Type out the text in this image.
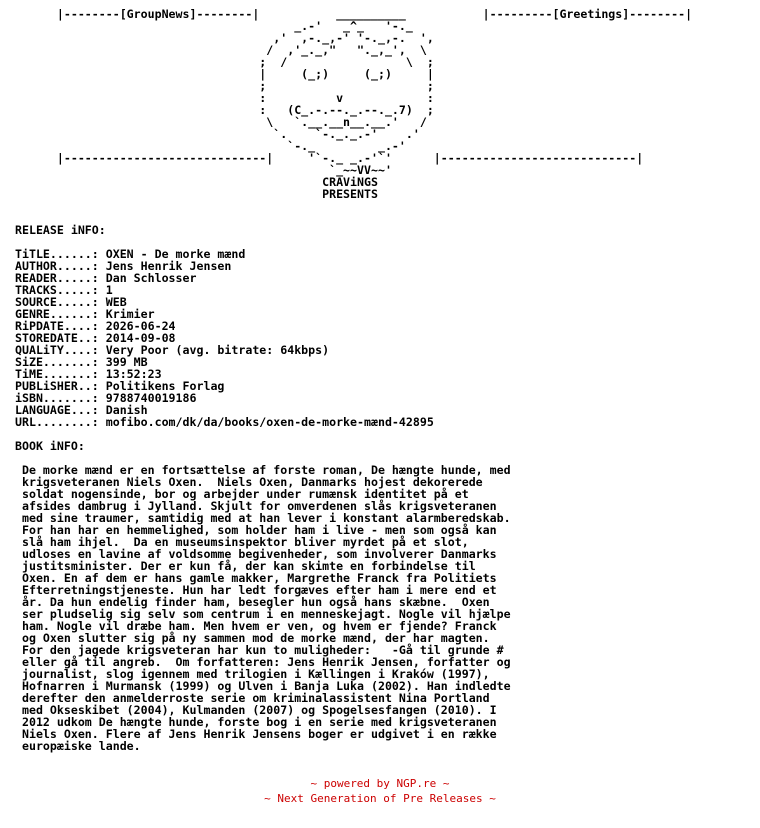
|--------[GroupNews]--------|           __________           |---------[Greetings]--------|
_.-'   _^_   '-._
,'  ,-._,-' '-._,-.  ',
/  ,'_._,"   "._,_',  \
;  /                 \  ;
|     (_;)     (_;)     |
;                       ;
:          v            :
:   (C_.-.--._.--._.7)  ;
\   `.__.__n__.__.'   /
`.    `-._._.-'    .'
`-._         _.-'
|-----------------------------|     '`-._ _.-'`'      |----------------------------|
`_~~VV~~'
CRAViNGS
PRESENTS

RELEASE iNFO:

TiTLE......: OXEN - De morke mænd
AUTHOR.....: Jens Henrik Jensen
READER.....: Dan Schlosser
TRACKS.....: 1
SOURCE.....: WEB
GENRE......: Krimier
RiPDATE....: 2026-06-24
STOREDATE..: 2014-09-08
QUALiTY....: Very Poor (avg. bitrate: 64kbps)
SiZE.......: 399 MB
TiME.......: 13:52:23
PUBLiSHER..: Politikens Forlag
iSBN.......: 9788740019186
LANGUAGE...: Danish
URL........: mofibo.com/dk/da/books/oxen-de-morke-mænd-42895

BOOK iNFO:

De morke mænd er en fortsættelse af forste roman, De hængte hunde, med
krigsveteranen Niels Oxen.  Niels Oxen, Danmarks hojest dekorerede
soldat nogensinde, bor og arbejder under rumænsk identitet på et
afsides dambrug i Jylland. Skjult for omverdenen slås krigsveteranen
med sine traumer, samtidig med at han lever i konstant alarmberedskab.
For han har en hemmelighed, som holder ham i live - men som også kan
slå ham ihjel.  Da en museumsinspektor bliver myrdet på et slot,
udloses en lavine af voldsomme begivenheder, som involverer Danmarks
justitsminister. Der er kun få, der kan skimte en forbindelse til
Oxen. En af dem er hans gamle makker, Margrethe Franck fra Politiets
Efterretningstjeneste. Hun har ledt forgæves efter ham i mere end et
år. Da hun endelig finder ham, besegler hun også hans skæbne.  Oxen
ser pludselig sig selv som centrum i en menneskejagt. Nogle vil hjælpe
ham. Nogle vil dræbe ham. Men hvem er ven, og hvem er fjende? Franck
og Oxen slutter sig på ny sammen mod de morke mænd, der har magten.
For den jagede krigsveteran har kun to muligheder:   -Gå til grunde #
eller gå til angreb.  Om forfatteren: Jens Henrik Jensen, forfatter og
journalist, slog igennem med trilogien i Kællingen i Kraków (1997),
Hofnarren i Murmansk (1999) og Ulven i Banja Luka (2002). Han indledte
derefter den anmelderroste serie om kriminalassistent Nina Portland
med Okseskibet (2004), Kulmanden (2007) og Spogelsesfangen (2010). I
2012 udkom De hængte hunde, forste bog i en serie med krigsveteranen
Niels Oxen. Flere af Jens Henrik Jensens boger er udgivet i en række
europæiske lande.
~ powered by NGP.re ~
~ Next Generation of Pre Releases ~
